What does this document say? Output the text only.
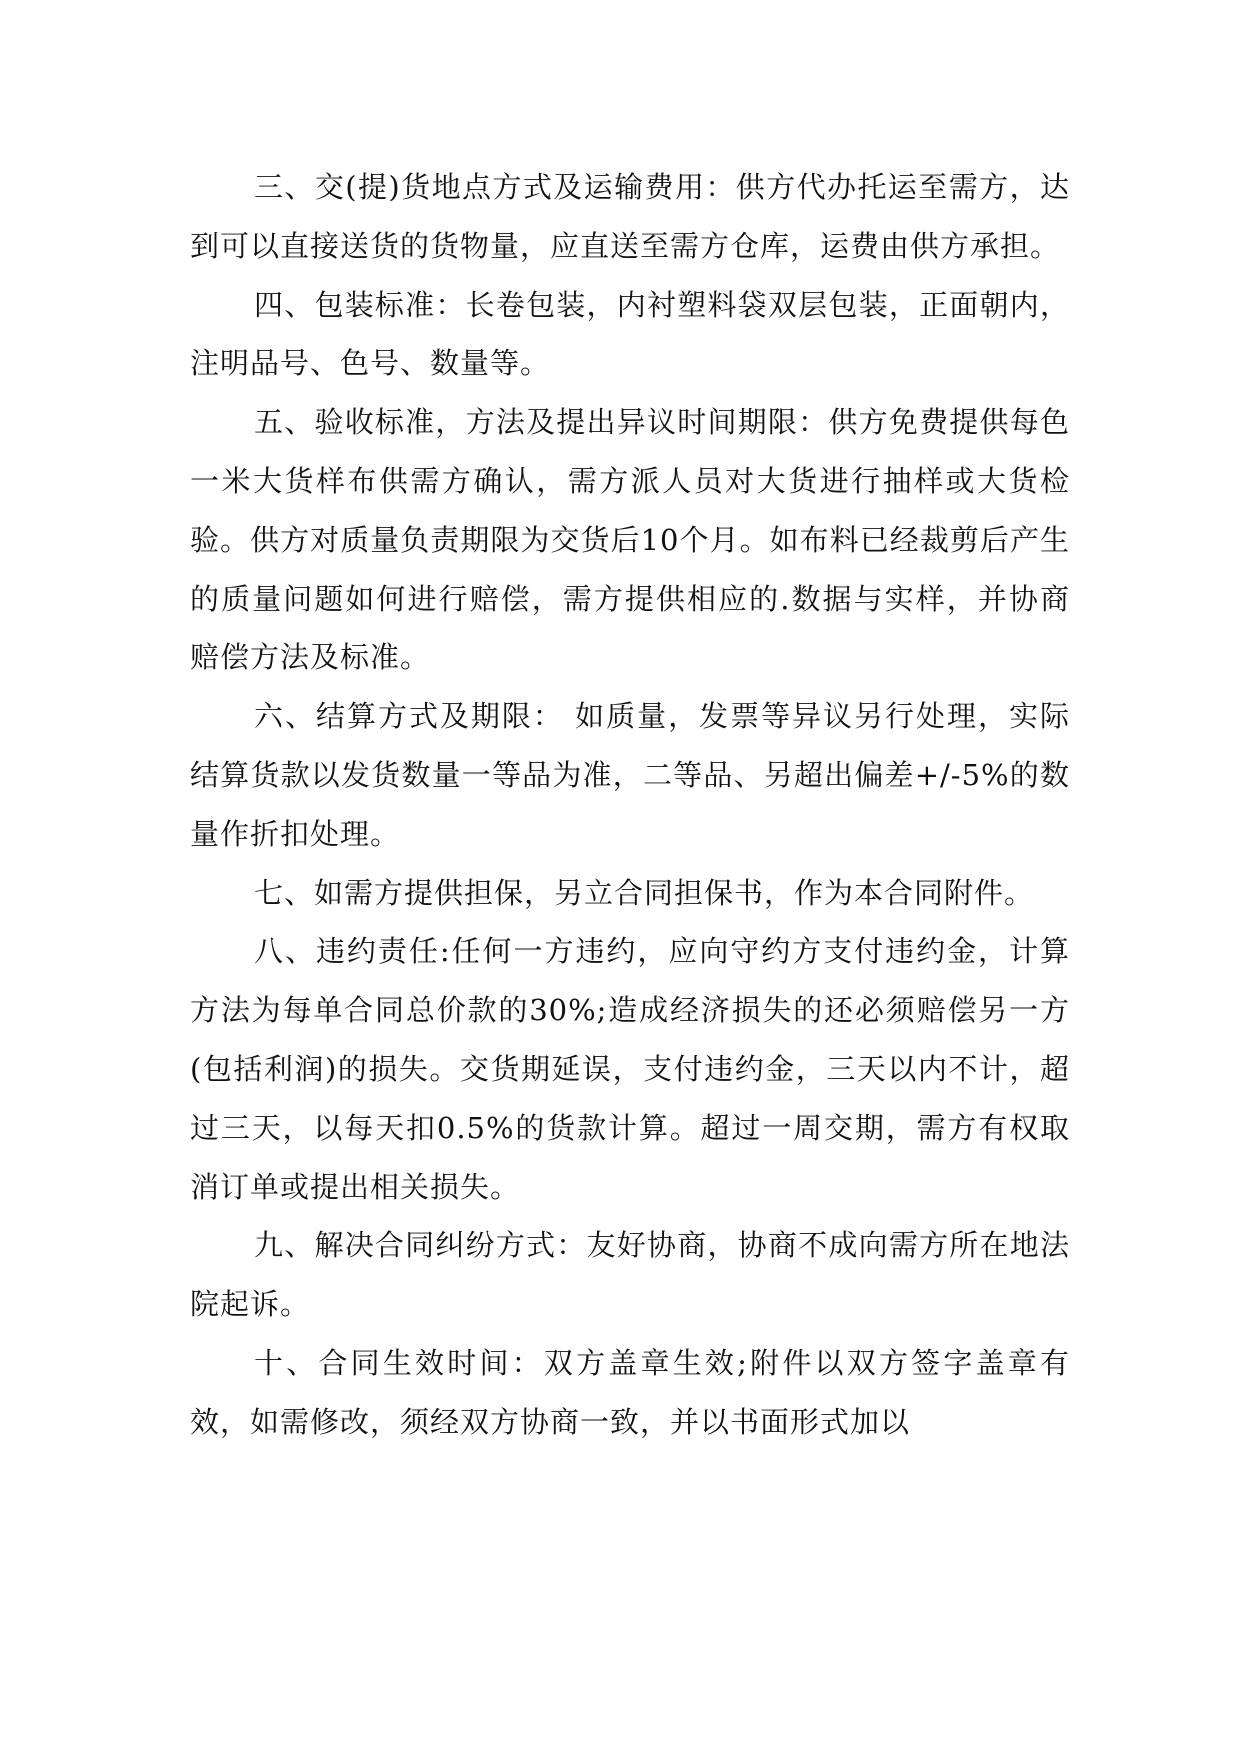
三、交(提)货地点方式及运输费用：供方代办托运至需方，达到可以直接送货的货物量，应直送至需方仓库，运费由供方承担。

四、包装标准：长卷包装，内衬塑料袋双层包装，正面朝内，注明品号、色号、数量等。

五、验收标准，方法及提出异议时间期限：供方免费提供每色一米大货样布供需方确认，需方派人员对大货进行抽样或大货检验。供方对质量负责期限为交货后10个月。如布料已经裁剪后产生的质量问题如何进行赔偿，需方提供相应的.数据与实样，并协商赔偿方法及标准。

六、结算方式及期限： 如质量，发票等异议另行处理，实际结算货款以发货数量一等品为准，二等品、另超出偏差+/-5%的数量作折扣处理。

七、如需方提供担保，另立合同担保书，作为本合同附件。

八、违约责任:任何一方违约，应向守约方支付违约金，计算方法为每单合同总价款的30%;造成经济损失的还必须赔偿另一方(包括利润)的损失。交货期延误，支付违约金，三天以内不计，超过三天，以每天扣0.5%的货款计算。超过一周交期，需方有权取消订单或提出相关损失。

九、解决合同纠纷方式：友好协商，协商不成向需方所在地法院起诉。

十、合同生效时间：双方盖章生效;附件以双方签字盖章有效，如需修改，须经双方协商一致，并以书面形式加以
